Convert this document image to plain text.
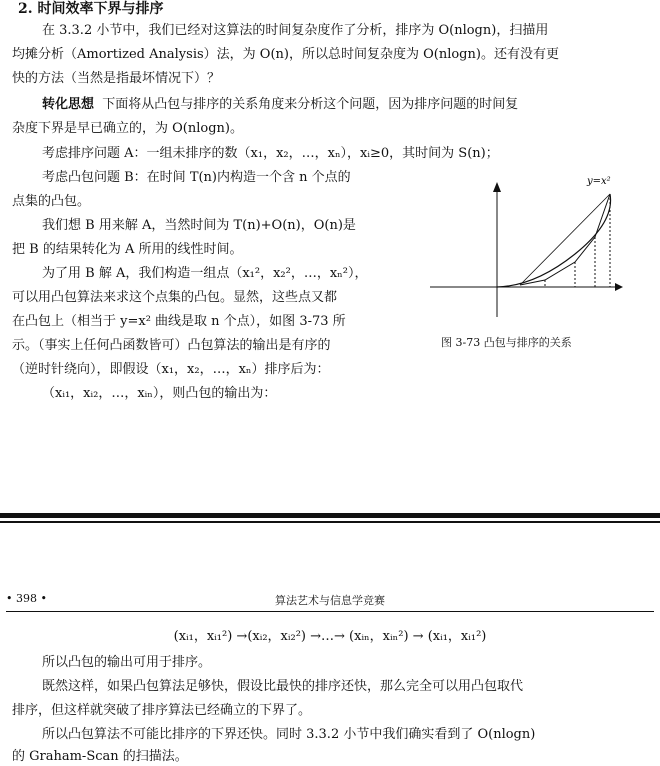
2. 时间效率下界与排序
在 3.3.2 小节中，我们已经对这算法的时间复杂度作了分析，排序为 O(nlogn)，扫描用
均摊分析（Amortized Analysis）法，为 O(n)，所以总时间复杂度为 O(nlogn)。还有没有更
快的方法（当然是指最坏情况下）？
转化思想 下面将从凸包与排序的关系角度来分析这个问题，因为排序问题的时间复
杂度下界是早已确立的，为 O(nlogn)。
考虑排序问题 A：一组未排序的数（x₁，x₂，…，xₙ），xᵢ≥0，其时间为 S(n)；
考虑凸包问题 B：在时间 T(n)内构造一个含 n 个点的
点集的凸包。
我们想 B 用来解 A，当然时间为 T(n)+O(n)，O(n)是
把 B 的结果转化为 A 所用的线性时间。
为了用 B 解 A，我们构造一组点（x₁²，x₂²，…，xₙ²），
可以用凸包算法来求这个点集的凸包。显然，这些点又都
在凸包上（相当于 y=x² 曲线是取 n 个点），如图 3-73 所
示。（事实上任何凸函数皆可）凸包算法的输出是有序的
（逆时针绕向），即假设（x₁，x₂，…，xₙ）排序后为：
（xᵢ₁，xᵢ₂，…，xᵢₙ），则凸包的输出为：
y=x²
图 3-73 凸包与排序的关系
• 398 •	算法艺术与信息学竞赛
(xᵢ₁，xᵢ₁²) →(xᵢ₂，xᵢ₂²) →…→ (xᵢₙ，xᵢₙ²) → (xᵢ₁，xᵢ₁²)
所以凸包的输出可用于排序。
既然这样，如果凸包算法足够快，假设比最快的排序还快，那么完全可以用凸包取代
排序，但这样就突破了排序算法已经确立的下界了。
所以凸包算法不可能比排序的下界还快。同时 3.3.2 小节中我们确实看到了 O(nlogn)
的 Graham-Scan 的扫描法。
